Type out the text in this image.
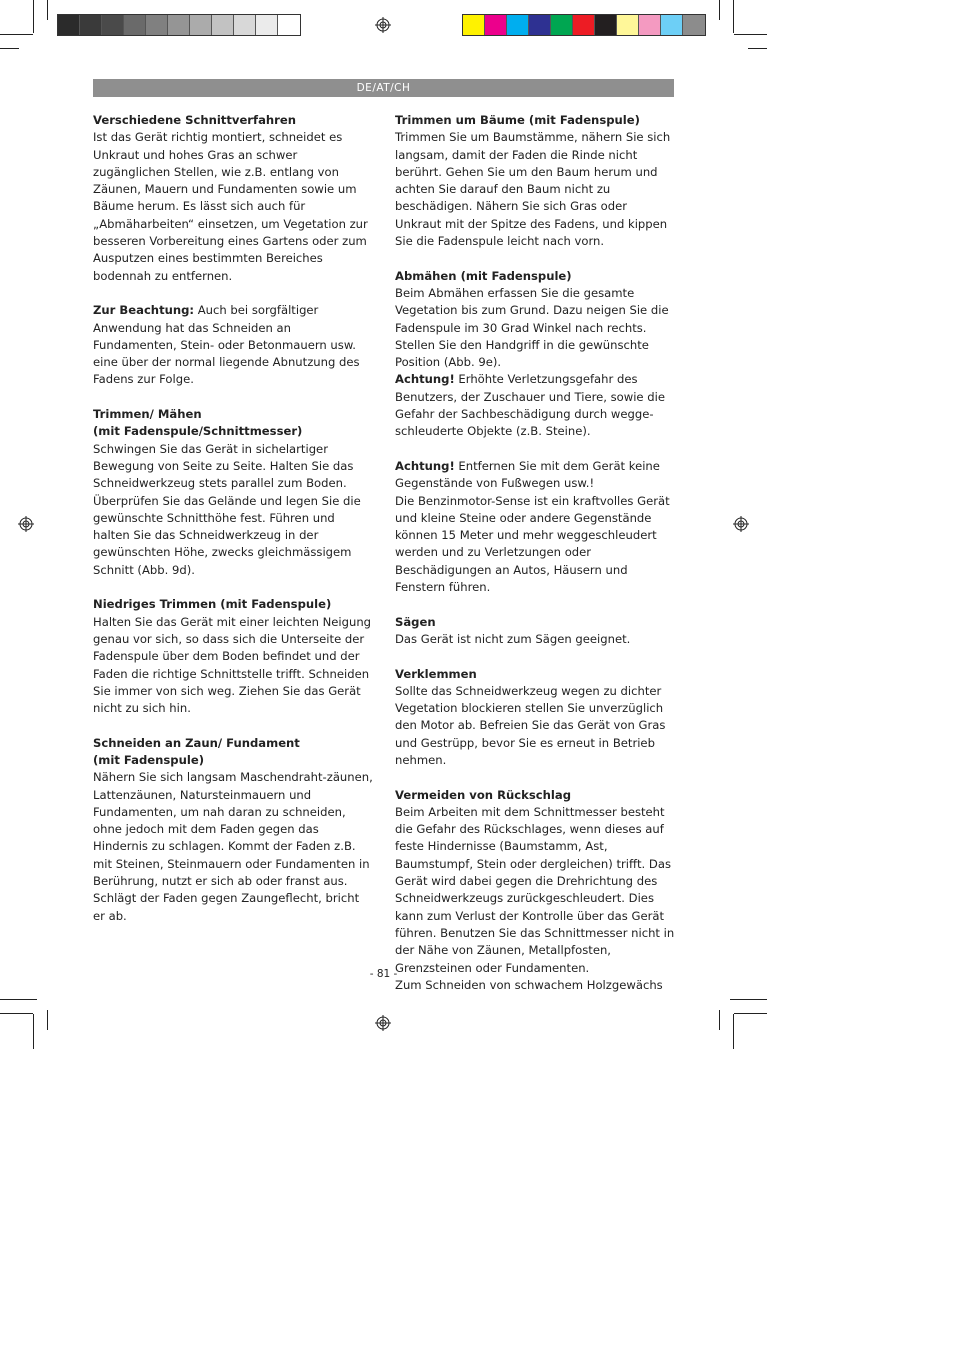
DE/AT/CH
Verschiedene Schnittverfahren

Ist das Gerät richtig montiert, schneidet es Unkraut und hohes Gras an schwer zugänglichen Stellen, wie z.B. entlang von Zäunen, Mauern und Fundamenten sowie um Bäume herum. Es lässt sich auch für „Abmäharbeiten“ einsetzen, um Vegetation zur besseren Vorbereitung eines Gartens oder zum Ausputzen eines bestimmten Bereiches bodennah zu entfernen.

Zur Beachtung: Auch bei sorgfältiger Anwendung hat das Schneiden an Fundamenten, Stein- oder Betonmauern usw. eine über der normal liegende Abnutzung des Fadens zur Folge.

Trimmen/ Mähen
(mit Fadenspule/Schnittmesser)

Schwingen Sie das Gerät in sichelartiger Bewegung von Seite zu Seite. Halten Sie das Schneidwerkzeug stets parallel zum Boden. Überprüfen Sie das Gelände und legen Sie die gewünschte Schnitthöhe fest. Führen und halten Sie das Schneidwerkzeug in der gewünschten Höhe, zwecks gleichmässigem Schnitt (Abb. 9d).

Niedriges Trimmen (mit Fadenspule)

Halten Sie das Gerät mit einer leichten Neigung genau vor sich, so dass sich die Unterseite der Fadenspule über dem Boden befindet und der Faden die richtige Schnittstelle trifft. Schneiden Sie immer von sich weg. Ziehen Sie das Gerät nicht zu sich hin.

Schneiden an Zaun/ Fundament
(mit Fadenspule)

Nähern Sie sich langsam Maschendraht-zäunen, Lattenzäunen, Natursteinmauern und Fundamenten, um nah daran zu schneiden, ohne jedoch mit dem Faden gegen das Hindernis zu schlagen. Kommt der Faden z.B. mit Steinen, Steinmauern oder Fundamenten in Berührung, nutzt er sich ab oder franst aus. Schlägt der Faden gegen Zaungeflecht, bricht er ab.

Trimmen um Bäume (mit Fadenspule)

Trimmen Sie um Baumstämme, nähern Sie sich langsam, damit der Faden die Rinde nicht berührt. Gehen Sie um den Baum herum und achten Sie darauf den Baum nicht zu beschädigen. Nähern Sie sich Gras oder Unkraut mit der Spitze des Fadens, und kippen Sie die Fadenspule leicht nach vorn.

Abmähen (mit Fadenspule)

Beim Abmähen erfassen Sie die gesamte Vegetation bis zum Grund. Dazu neigen Sie die Fadenspule im 30 Grad Winkel nach rechts. Stellen Sie den Handgriff in die gewünschte Position (Abb. 9e).

Achtung! Erhöhte Verletzungsgefahr des Benutzers, der Zuschauer und Tiere, sowie die Gefahr der Sachbeschädigung durch wegge-schleuderte Objekte (z.B. Steine).

Achtung! Entfernen Sie mit dem Gerät keine Gegenstände von Fußwegen usw.!

Die Benzinmotor-Sense ist ein kraftvolles Gerät und kleine Steine oder andere Gegenstände können 15 Meter und mehr weggeschleudert werden und zu Verletzungen oder Beschädigungen an Autos, Häusern und Fenstern führen.

Sägen

Das Gerät ist nicht zum Sägen geeignet.

Verklemmen

Sollte das Schneidwerkzeug wegen zu dichter Vegetation blockieren stellen Sie unverzüglich den Motor ab. Befreien Sie das Gerät von Gras und Gestrüpp, bevor Sie es erneut in Betrieb nehmen.

Vermeiden von Rückschlag

Beim Arbeiten mit dem Schnittmesser besteht die Gefahr des Rückschlages, wenn dieses auf feste Hindernisse (Baumstamm, Ast, Baumstumpf, Stein oder dergleichen) trifft. Das Gerät wird dabei gegen die Drehrichtung des Schneidwerkzeugs zurückgeschleudert. Dies kann zum Verlust der Kontrolle über das Gerät führen. Benutzen Sie das Schnittmesser nicht in der Nähe von Zäunen, Metallpfosten, Grenzsteinen oder Fundamenten.

Zum Schneiden von schwachem Holzgewächs

- 81 -
